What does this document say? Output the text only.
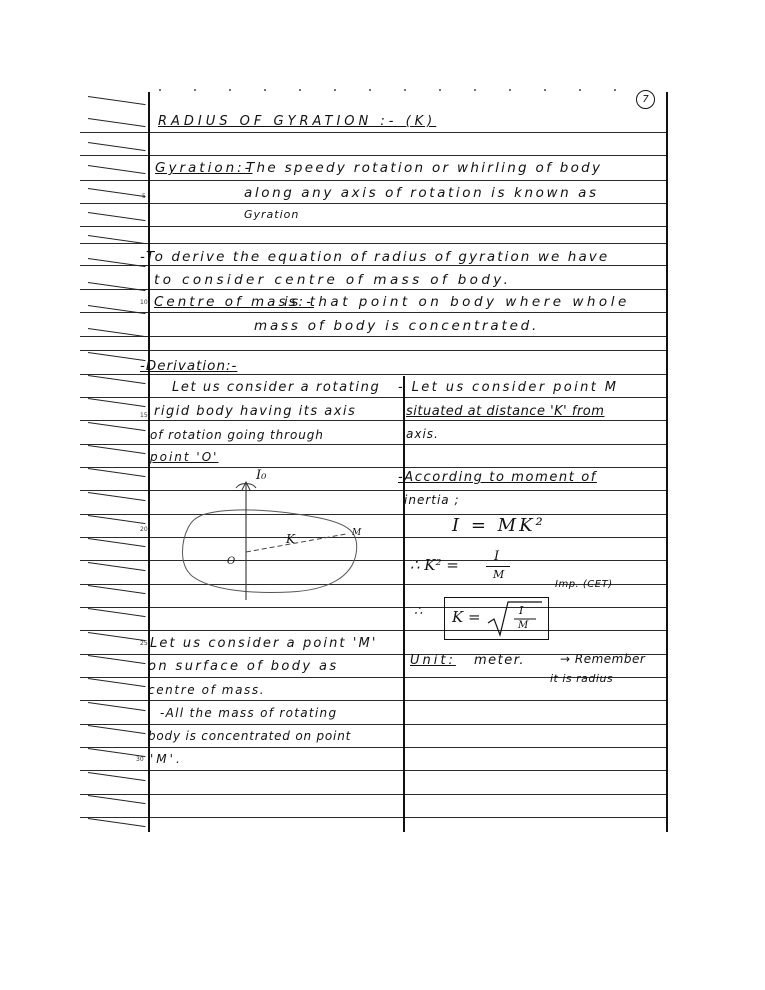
7
5
10
15
20
25
30
RADIUS OF GYRATION :- (K)
Gyration:-
The speedy rotation or whirling of body
along any axis of rotation is known as
Gyration
-To derive the equation of radius of gyration we have
to consider centre of mass of body.
Centre of mass:-
is that point on body where whole
mass of body is concentrated.
-Derivation:-
Let us consider a rotating
rigid body having its axis
of rotation going through
point 'O'
- Let us consider point M
situated at distance 'K' from
axis.
I₀
O
K	M
-According to moment of
inertia ;
I = MK²
∴ K² =	I
M
Imp. (CET)
∴ K =	I
M
Unit: meter.	→ Remember
it is radius
Let us consider a point 'M'
on surface of body as
centre of mass.
-All the mass of rotating
body is concentrated on point
'M'.
